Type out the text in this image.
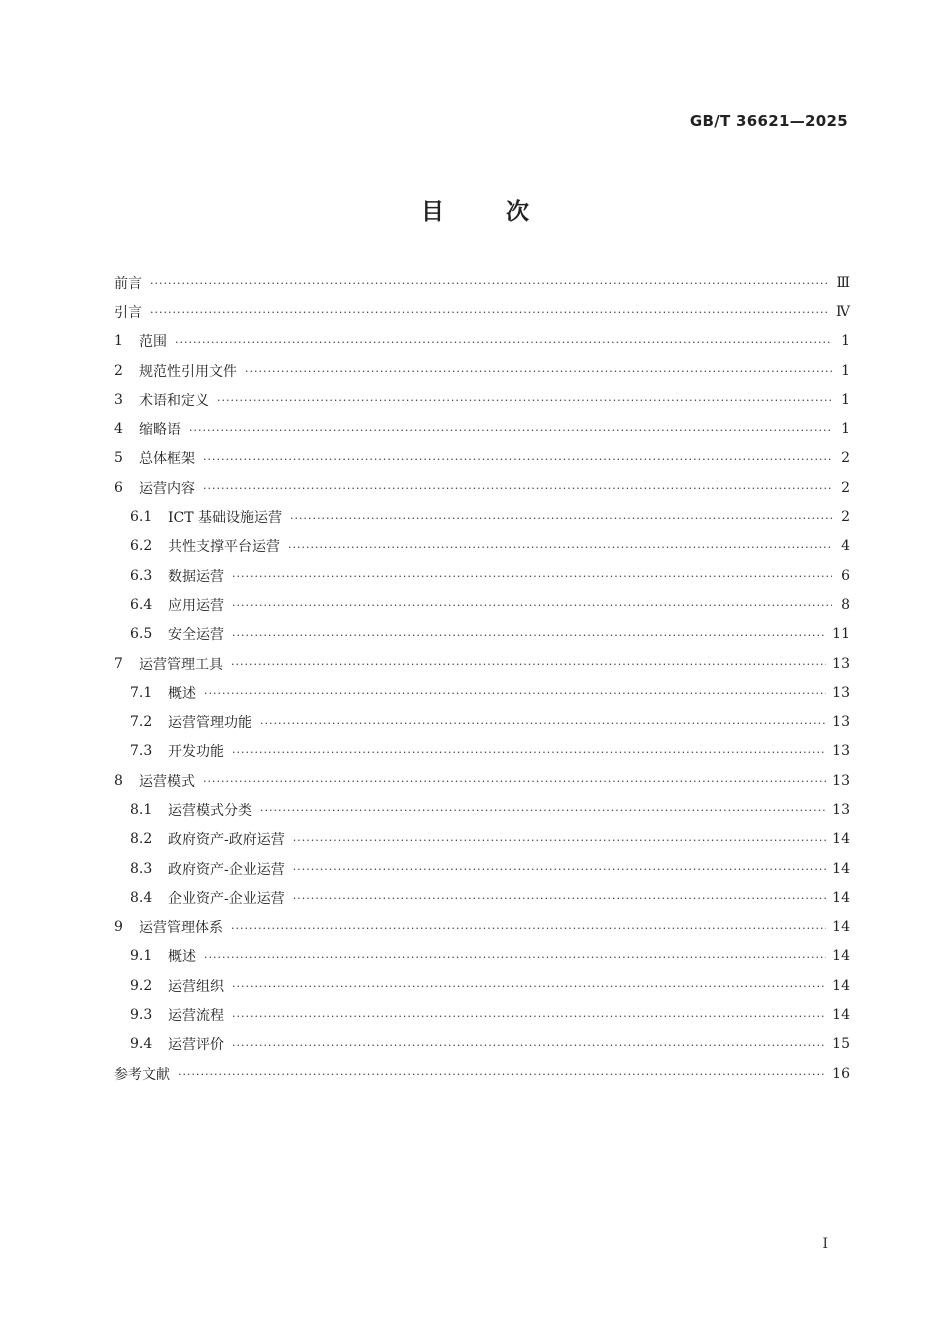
GB/T 36621—2025
目	次
前言 ·····	Ⅲ
引言 ·····	Ⅳ
1	范围 ·····	1
2	规范性引用文件 ·····	1
3	术语和定义 ·····	1
4	缩略语 ·····	1
5	总体框架 ·····	2
6	运营内容 ·····	2
6.1	ICT 基础设施运营 ·····	2
6.2	共性支撑平台运营 ·····	4
6.3	数据运营 ·····	6
6.4	应用运营 ·····	8
6.5	安全运营 ·····	11
7	运营管理工具 ·····	13
7.1	概述 ·····	13
7.2	运营管理功能 ·····	13
7.3	开发功能 ·····	13
8	运营模式 ·····	13
8.1	运营模式分类 ·····	13
8.2	政府资产-政府运营 ·····	14
8.3	政府资产-企业运营 ·····	14
8.4	企业资产-企业运营 ·····	14
9	运营管理体系 ·····	14
9.1	概述 ·····	14
9.2	运营组织 ·····	14
9.3	运营流程 ·····	14
9.4	运营评价 ·····	15
参考文献 ·····	16
Ⅰ
